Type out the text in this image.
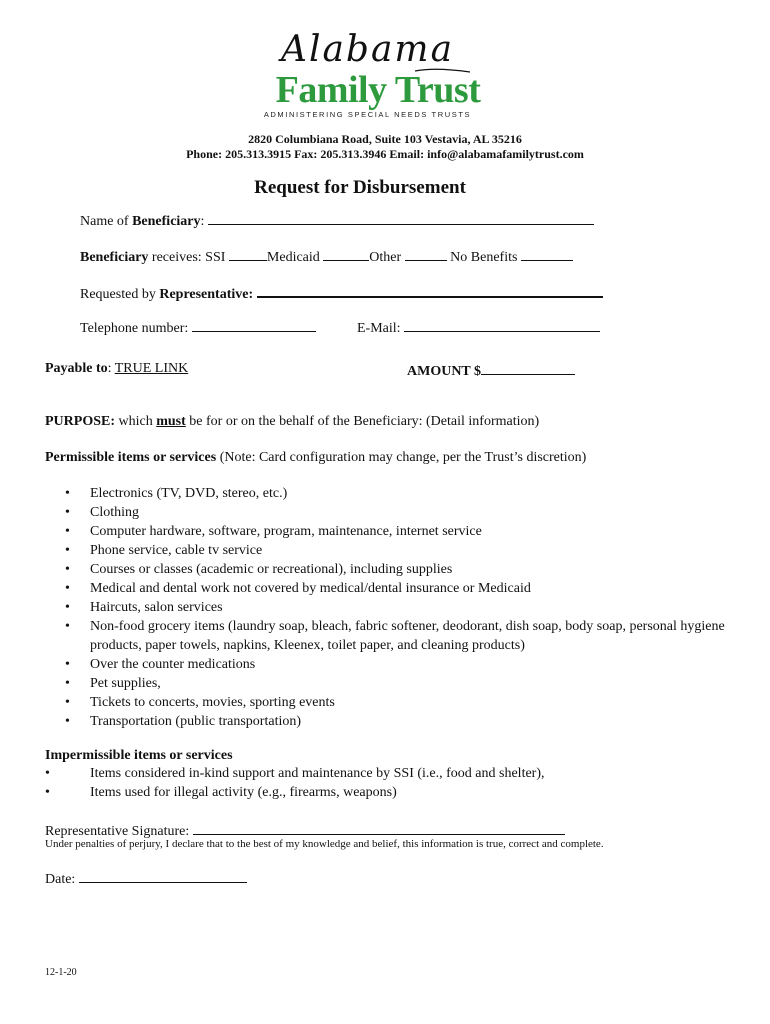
Alabama
Family Trust
ADMINISTERING SPECIAL NEEDS TRUSTS
2820 Columbiana Road, Suite 103 Vestavia, AL 35216
Phone: 205.313.3915 Fax: 205.313.3946 Email: info@alabamafamilytrust.com
Request for Disbursement
Name of Beneficiary:
Beneficiary receives: SSI	Medicaid	Other	No Benefits
Requested by Representative:
Telephone number:	E-Mail:
Payable to: TRUE LINK	AMOUNT $
PURPOSE: which must be for or on the behalf of the Beneficiary: (Detail information)
Permissible items or services (Note: Card configuration may change, per the Trust’s discretion)
• Electronics (TV, DVD, stereo, etc.)
• Clothing
• Computer hardware, software, program, maintenance, internet service
• Phone service, cable tv service
• Courses or classes (academic or recreational), including supplies
• Medical and dental work not covered by medical/dental insurance or Medicaid
• Haircuts, salon services
• Non-food grocery items (laundry soap, bleach, fabric softener, deodorant, dish soap, body soap, personal hygiene products, paper towels, napkins, Kleenex, toilet paper, and cleaning products)
• Over the counter medications
• Pet supplies,
• Tickets to concerts, movies, sporting events
• Transportation (public transportation)
Impermissible items or services
•	Items considered in-kind support and maintenance by SSI (i.e., food and shelter),
•	Items used for illegal activity (e.g., firearms, weapons)
Representative Signature:
Under penalties of perjury, I declare that to the best of my knowledge and belief, this information is true, correct and complete.
Date:
12-1-20
